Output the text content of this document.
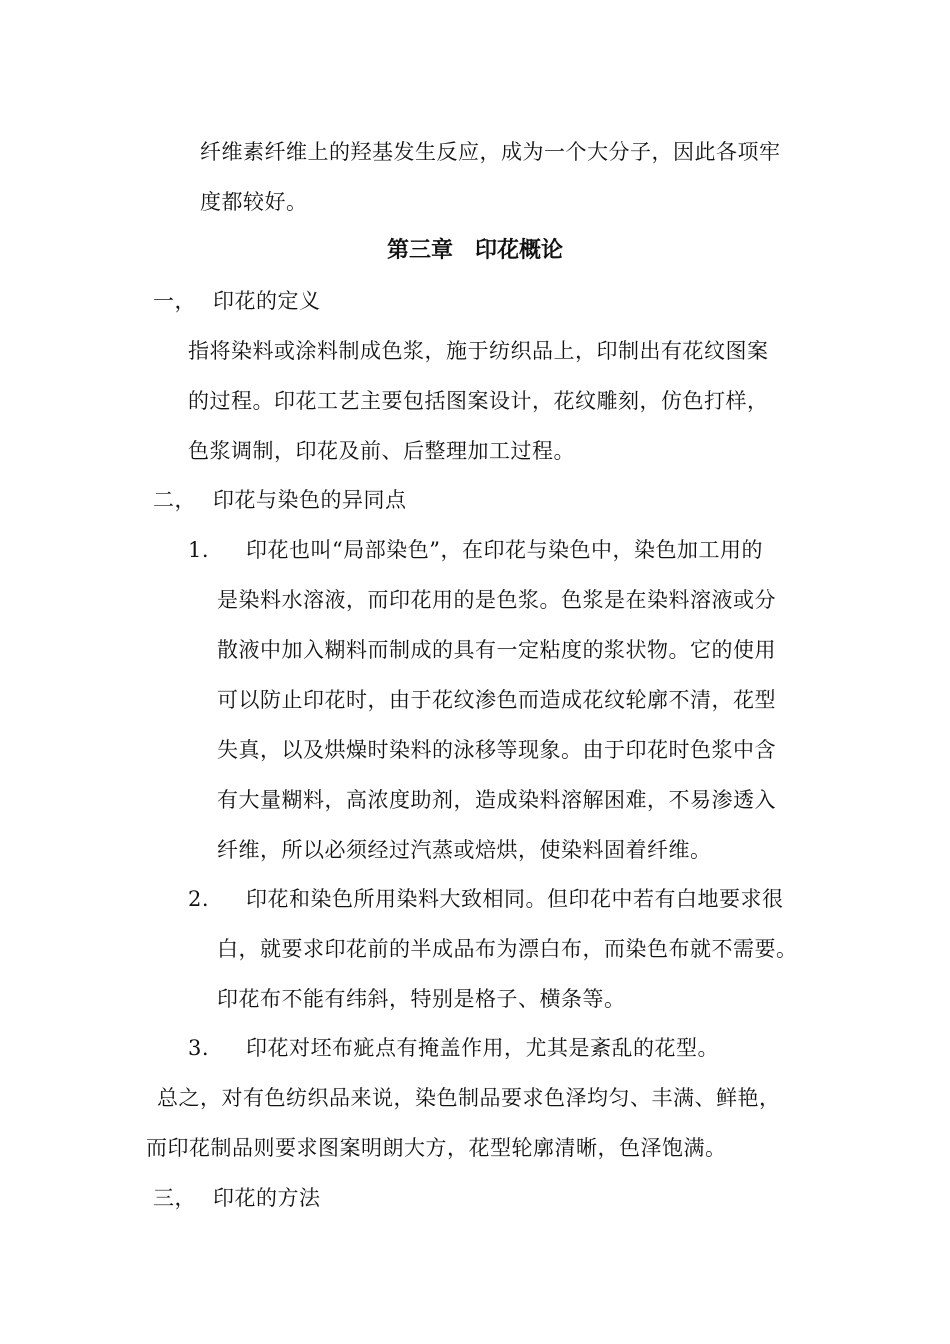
纤维素纤维上的羟基发生反应，成为一个大分子，因此各项牢
度都较好。
第三章　印花概论
一， 印花的定义
指将染料或涂料制成色浆，施于纺织品上，印制出有花纹图案
的过程。印花工艺主要包括图案设计，花纹雕刻，仿色打样，
色浆调制，印花及前、后整理加工过程。
二， 印花与染色的异同点
1. 印花也叫“局部染色”，在印花与染色中，染色加工用的
是染料水溶液，而印花用的是色浆。色浆是在染料溶液或分
散液中加入糊料而制成的具有一定粘度的浆状物。它的使用
可以防止印花时，由于花纹渗色而造成花纹轮廓不清，花型
失真，以及烘燥时染料的泳移等现象。由于印花时色浆中含
有大量糊料，高浓度助剂，造成染料溶解困难，不易渗透入
纤维，所以必须经过汽蒸或焙烘，使染料固着纤维。
2. 印花和染色所用染料大致相同。但印花中若有白地要求很
白，就要求印花前的半成品布为漂白布，而染色布就不需要。
印花布不能有纬斜，特别是格子、横条等。
3. 印花对坯布疵点有掩盖作用，尤其是紊乱的花型。
总之，对有色纺织品来说，染色制品要求色泽均匀、丰满、鲜艳，
而印花制品则要求图案明朗大方，花型轮廓清晰，色泽饱满。
三， 印花的方法
